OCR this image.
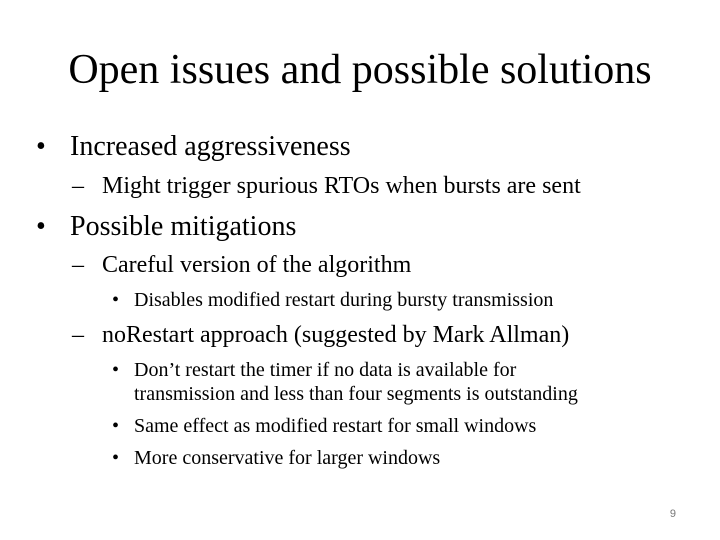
Open issues and possible solutions
• Increased aggressiveness
– Might trigger spurious RTOs when bursts are sent
• Possible mitigations
– Careful version of the algorithm
• Disables modified restart during bursty transmission
– noRestart approach (suggested by Mark Allman)
• Don’t restart the timer if no data is available for
transmission and less than four segments is outstanding
• Same effect as modified restart for small windows
• More conservative for larger windows
9
